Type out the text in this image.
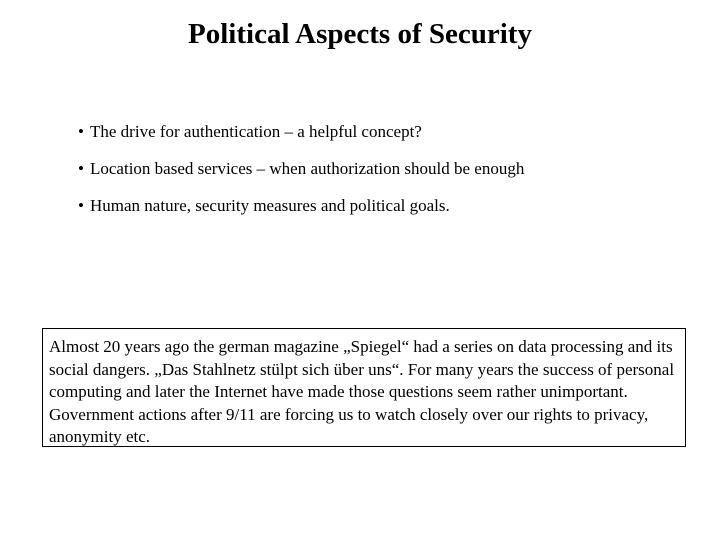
Political Aspects of Security
• The drive for authentication – a helpful concept?
• Location based services – when authorization should be enough
• Human nature, security measures and political goals.
Almost 20 years ago the german magazine „Spiegel“ had a series on data processing and its social dangers. „Das Stahlnetz stülpt sich über uns“. For many years the success of personal computing and later the Internet have made those questions seem rather unimportant. Government actions after 9/11 are forcing us to watch closely over our rights to privacy, anonymity etc.
